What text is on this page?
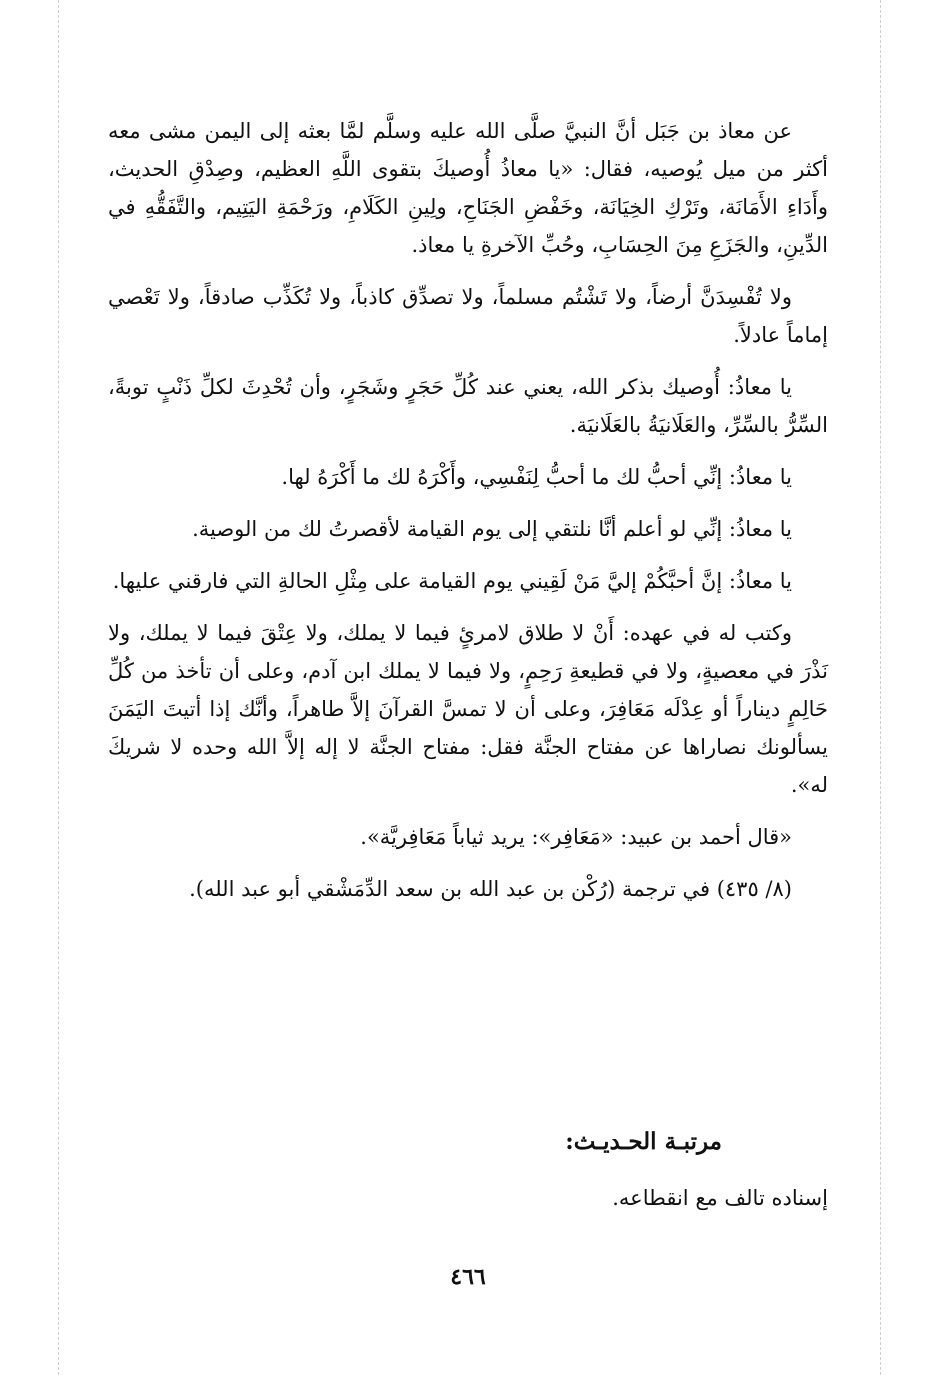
عن معاذ بن جَبَل أنَّ النبيَّ صلَّى الله عليه وسلَّم لمَّا بعثه إلى اليمن مشى معه أكثر من ميل يُوصيه، فقال: «يا معاذُ أُوصيكَ بتقوى اللَّهِ العظيم، وصِدْقِ الحديث، وأَدَاءِ الأَمَانَة، وتَرْكِ الخِيَانَة، وخَفْضِ الجَنَاحِ، ولِينِ الكَلَامِ، ورَحْمَةِ اليَتِيم، والتَّفَقُّهِ في الدِّينِ، والجَزَعِ مِنَ الحِسَابِ، وحُبِّ الآخرةِ يا معاذ.

ولا تُفْسِدَنَّ أرضاً، ولا تَشْتُم مسلماً، ولا تصدِّق كاذباً، ولا تُكَذِّب صادقاً، ولا تَعْصي إماماً عادلاً.

يا معاذُ: أُوصيك بذكر الله، يعني عند كُلِّ حَجَرٍ وشَجَرٍ، وأن تُحْدِثَ لكلِّ ذَنْبٍ توبةً، السِّرُّ بالسِّرِّ، والعَلَانيَةُ بالعَلَانيَة.

يا معاذُ: إنِّي أحبُّ لك ما أحبُّ لِنَفْسِي، وأَكْرَهُ لك ما أَكْرَهُ لها.

يا معاذُ: إنِّي لو أعلم أنَّا نلتقي إلى يوم القيامة لأقصرتُ لك من الوصية.

يا معاذُ: إنَّ أحبَّكُمْ إليَّ مَنْ لَقِيني يوم القيامة على مِثْلِ الحالةِ التي فارقني عليها.

وكتب له في عهده: أَنْ لا طلاق لامرئٍ فيما لا يملك، ولا عِتْقَ فيما لا يملك، ولا نَذْرَ في معصيةٍ، ولا في قطيعةِ رَحِمٍ، ولا فيما لا يملك ابن آدم، وعلى أن تأخذ من كُلِّ حَالِمٍ ديناراً أو عِدْلَه مَعَافِرَ، وعلى أن لا تمسَّ القرآنَ إلاَّ طاهراً، وأنَّك إذا أتيتَ اليَمَنَ يسألونك نصاراها عن مفتاح الجنَّة فقل: مفتاح الجنَّة لا إله إلاَّ الله وحده لا شريكَ له».

«قال أحمد بن عبيد: «مَعَافِر»: يريد ثياباً مَعَافِريَّة».

(٨/ ٤٣٥) في ترجمة (رُكْن بن عبد الله بن سعد الدِّمَشْقي أبو عبد الله).

مرتبـة الحـديـث:
إسناده تالف مع انقطاعه.
٤٦٦
